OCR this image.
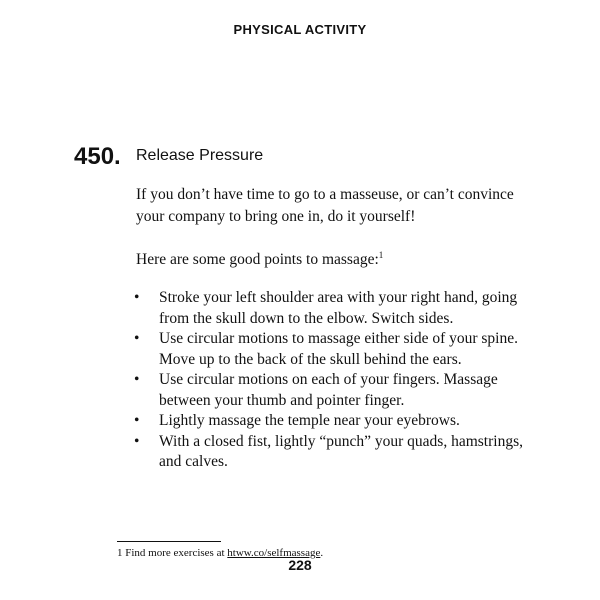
PHYSICAL ACTIVITY
450. Release Pressure

If you don’t have time to go to a masseuse, or can’t convince your company to bring one in, do it yourself!

Here are some good points to massage:$^1$

• Stroke your left shoulder area with your right hand, going from the skull down to the elbow. Switch sides.
• Use circular motions to massage either side of your spine. Move up to the back of the skull behind the ears.
• Use circular motions on each of your fingers. Massage between your thumb and pointer finger.
• Lightly massage the temple near your eyebrows.
• With a closed fist, lightly “punch” your quads, hamstrings, and calves.
1 Find more exercises at htww.co/selfmassage.
228
